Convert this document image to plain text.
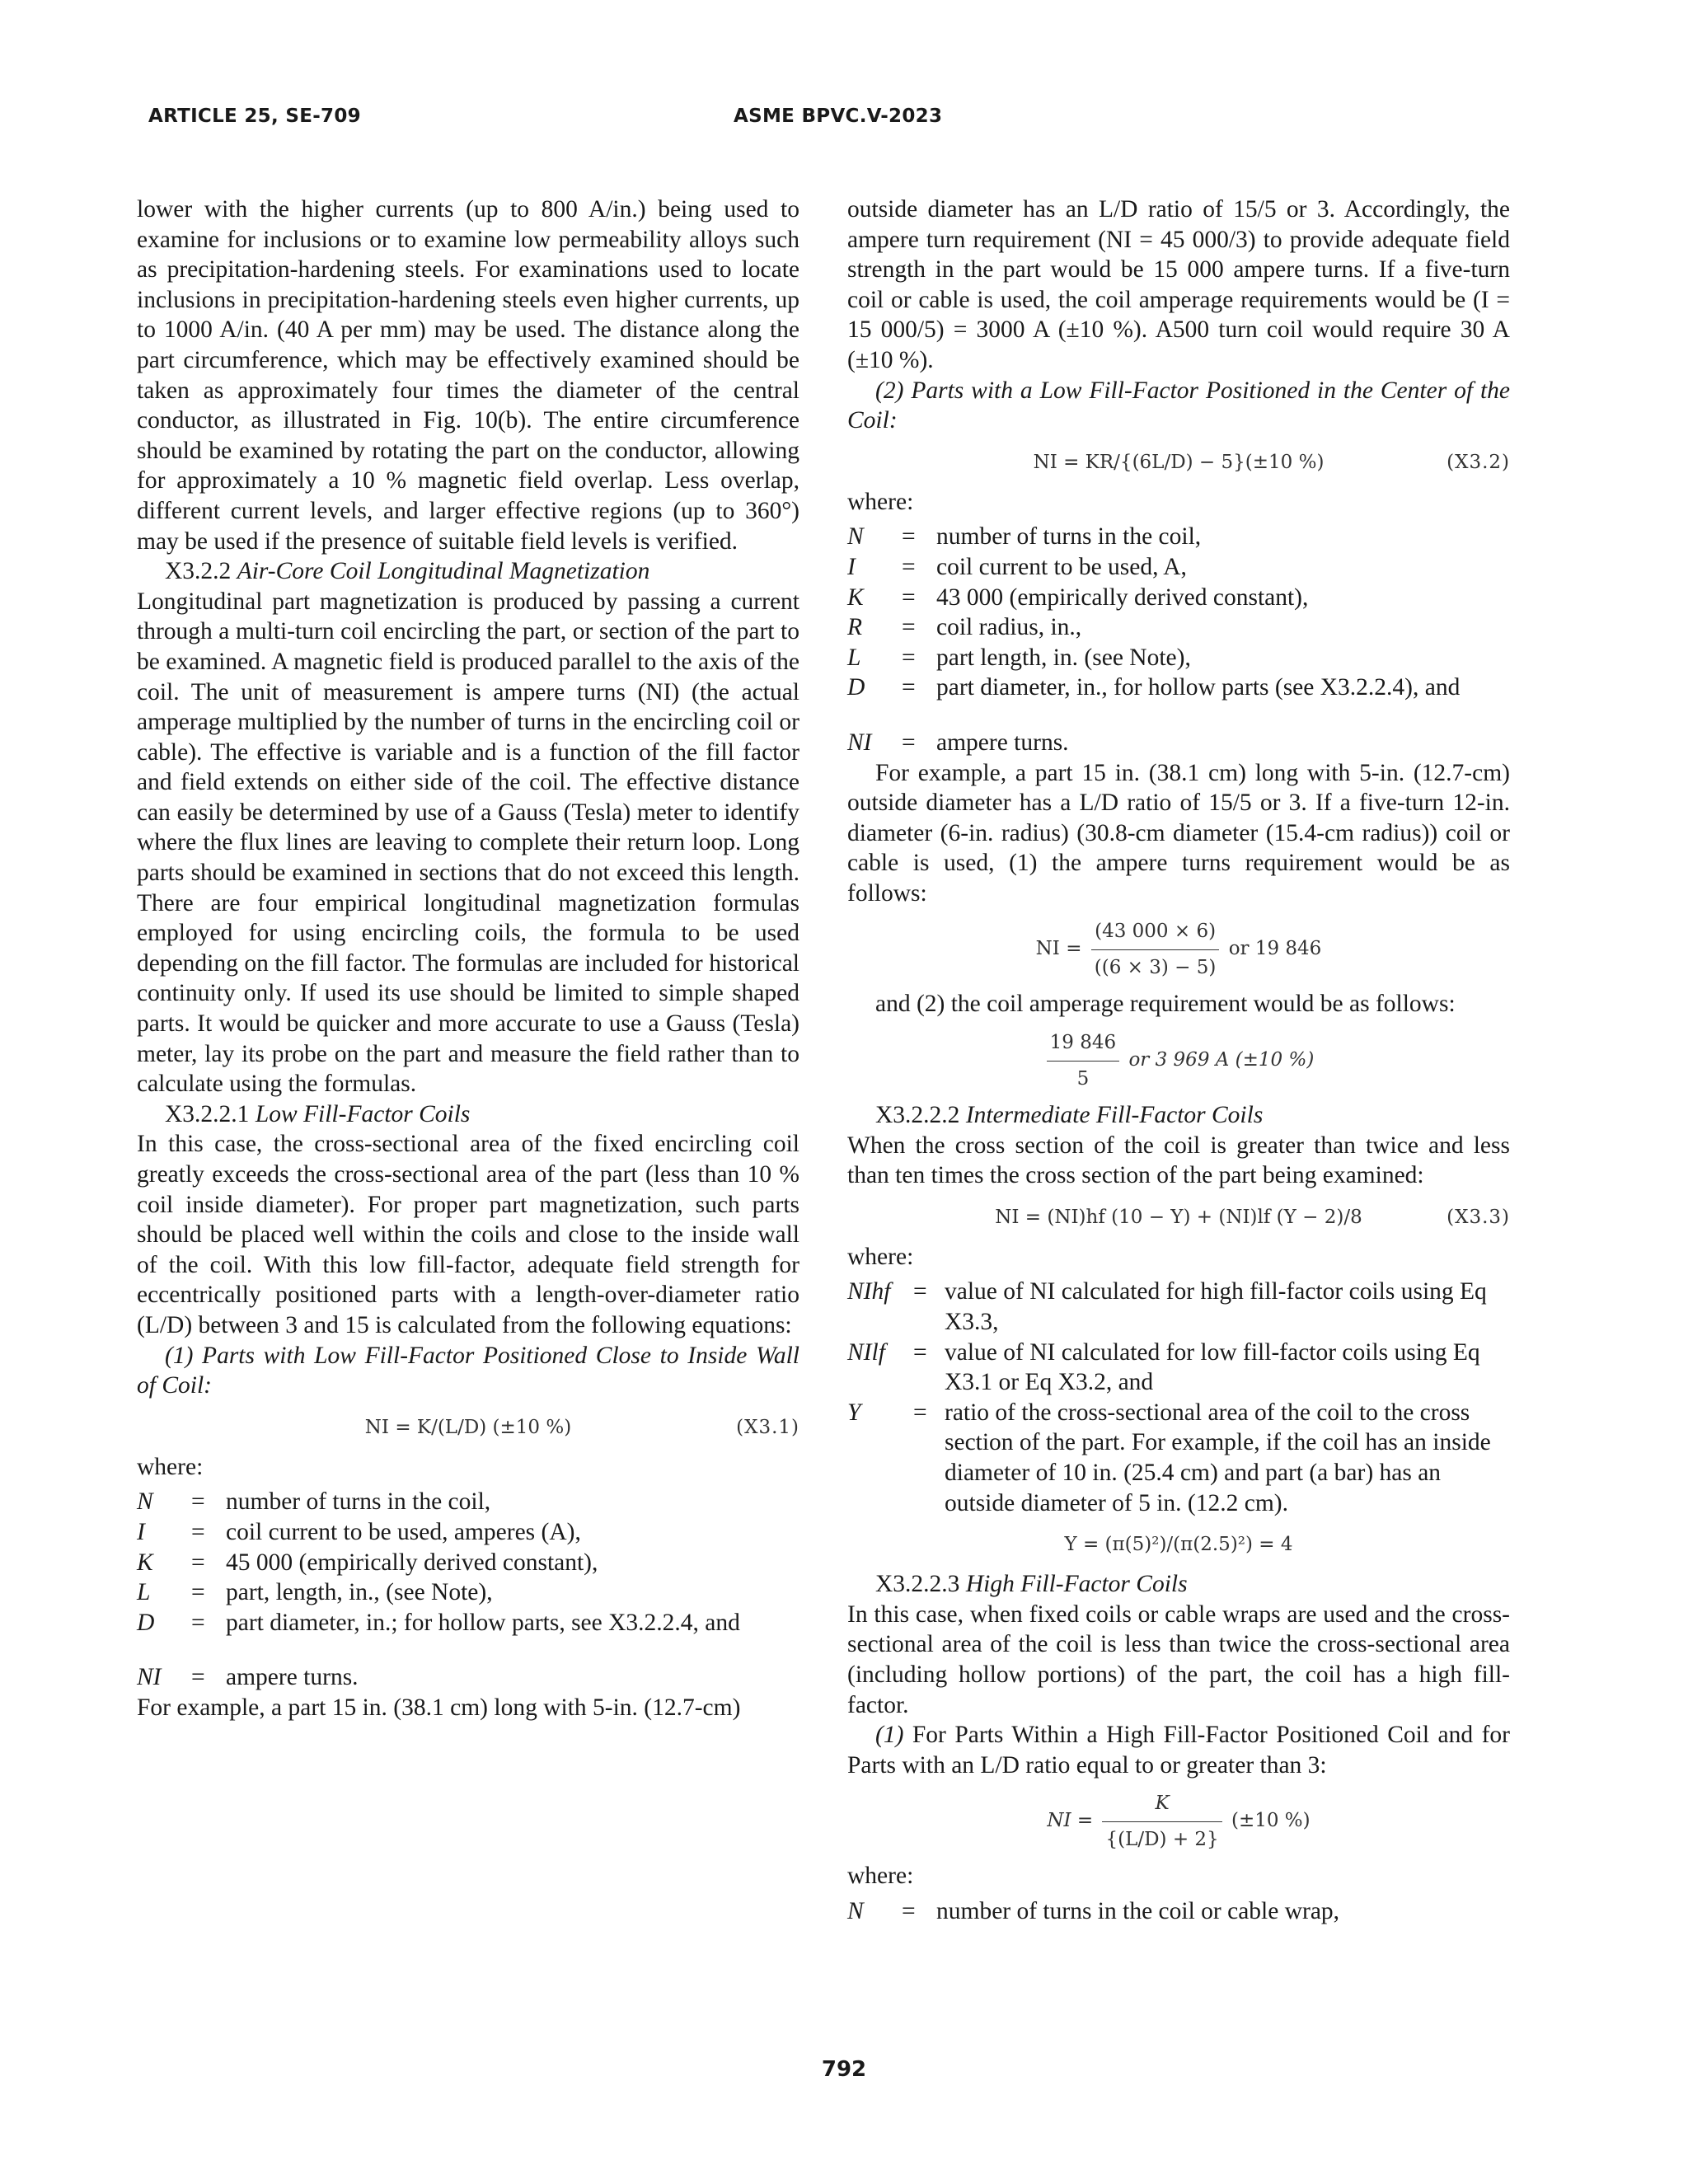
ARTICLE 25, SE-709	ASME BPVC.V-2023

lower with the higher currents (up to 800 A/in.) being used to examine for inclusions or to examine low permeability alloys such as precipitation-hardening steels. For examinations used to locate inclusions in precipitation-hardening steels even higher currents, up to 1000 A/in. (40 A per mm) may be used. The distance along the part circumference, which may be effectively examined should be taken as approximately four times the diameter of the central conductor, as illustrated in Fig. 10(b). The entire circumference should be examined by rotating the part on the conductor, allowing for approximately a 10 % magnetic field overlap. Less overlap, different current levels, and larger effective regions (up to 360°) may be used if the presence of suitable field levels is verified.

X3.2.2 Air-Core Coil Longitudinal Magnetization

Longitudinal part magnetization is produced by passing a current through a multi-turn coil encircling the part, or section of the part to be examined. A magnetic field is produced parallel to the axis of the coil. The unit of measurement is ampere turns (NI) (the actual amperage multiplied by the number of turns in the encircling coil or cable). The effective is variable and is a function of the fill factor and field extends on either side of the coil. The effective distance can easily be determined by use of a Gauss (Tesla) meter to identify where the flux lines are leaving to complete their return loop. Long parts should be examined in sections that do not exceed this length. There are four empirical longitudinal magnetization formulas employed for using encircling coils, the formula to be used depending on the fill factor. The formulas are included for historical continuity only. If used its use should be limited to simple shaped parts. It would be quicker and more accurate to use a Gauss (Tesla) meter, lay its probe on the part and measure the field rather than to calculate using the formulas.

X3.2.2.1 Low Fill-Factor Coils

In this case, the cross-sectional area of the fixed encircling coil greatly exceeds the cross-sectional area of the part (less than 10 % coil inside diameter). For proper part magnetization, such parts should be placed well within the coils and close to the inside wall of the coil. With this low fill-factor, adequate field strength for eccentrically positioned parts with a length-over-diameter ratio (L/D) between 3 and 15 is calculated from the following equations:

(1) Parts with Low Fill-Factor Positioned Close to Inside Wall of Coil:

NI = K/(L/D) (±10 %)	(X3.1)
where:
N = number of turns in the coil,
I = coil current to be used, amperes (A),
K = 45 000 (empirically derived constant),
L = part, length, in., (see Note),
D = part diameter, in.; for hollow parts, see X3.2.2.4, and
NI = ampere turns.

For example, a part 15 in. (38.1 cm) long with 5-in. (12.7-cm)

outside diameter has an L/D ratio of 15/5 or 3. Accordingly, the ampere turn requirement (NI = 45 000/3) to provide adequate field strength in the part would be 15 000 ampere turns. If a five-turn coil or cable is used, the coil amperage requirements would be (I = 15 000/5) = 3000 A (±10 %). A500 turn coil would require 30 A (±10 %).

(2) Parts with a Low Fill-Factor Positioned in the Center of the Coil:

NI = KR/{(6L/D) − 5}(±10 %)	(X3.2)
where:
N = number of turns in the coil,
I = coil current to be used, A,
K = 43 000 (empirically derived constant),
R = coil radius, in.,
L = part length, in. (see Note),
D = part diameter, in., for hollow parts (see X3.2.2.4), and
NI = ampere turns.

For example, a part 15 in. (38.1 cm) long with 5-in. (12.7-cm) outside diameter has a L/D ratio of 15/5 or 3. If a five-turn 12-in. diameter (6-in. radius) (30.8-cm diameter (15.4-cm radius)) coil or cable is used, (1) the ampere turns requirement would be as follows:

NI = $\frac{(43 000 \times 6)}{((6 \times 3) - 5)}$ or 19 846

and (2) the coil amperage requirement would be as follows:

$\frac{19 846}{5}$ or 3 969 A (±10 %)
X3.2.2.2 Intermediate Fill-Factor Coils

When the cross section of the coil is greater than twice and less than ten times the cross section of the part being examined:

NI = (NI)hf (10 − Y) + (NI)lf (Y − 2)/8	(X3.3)
where:
NIhf = value of NI calculated for high fill-factor coils using Eq X3.3,
NIlf = value of NI calculated for low fill-factor coils using Eq X3.1 or Eq X3.2, and
Y = ratio of the cross-sectional area of the coil to the cross section of the part. For example, if the coil has an inside diameter of 10 in. (25.4 cm) and part (a bar) has an outside diameter of 5 in. (12.2 cm).
Y = (π(5)²)/(π(2.5)²) = 4
X3.2.2.3 High Fill-Factor Coils

In this case, when fixed coils or cable wraps are used and the cross-sectional area of the coil is less than twice the cross-sectional area (including hollow portions) of the part, the coil has a high fill-factor.

(1) For Parts Within a High Fill-Factor Positioned Coil and for Parts with an L/D ratio equal to or greater than 3:

NI = $\frac{K}{\{(L/D) + 2\}} (\pm 10$ %)
where:
N = number of turns in the coil or cable wrap,
792
